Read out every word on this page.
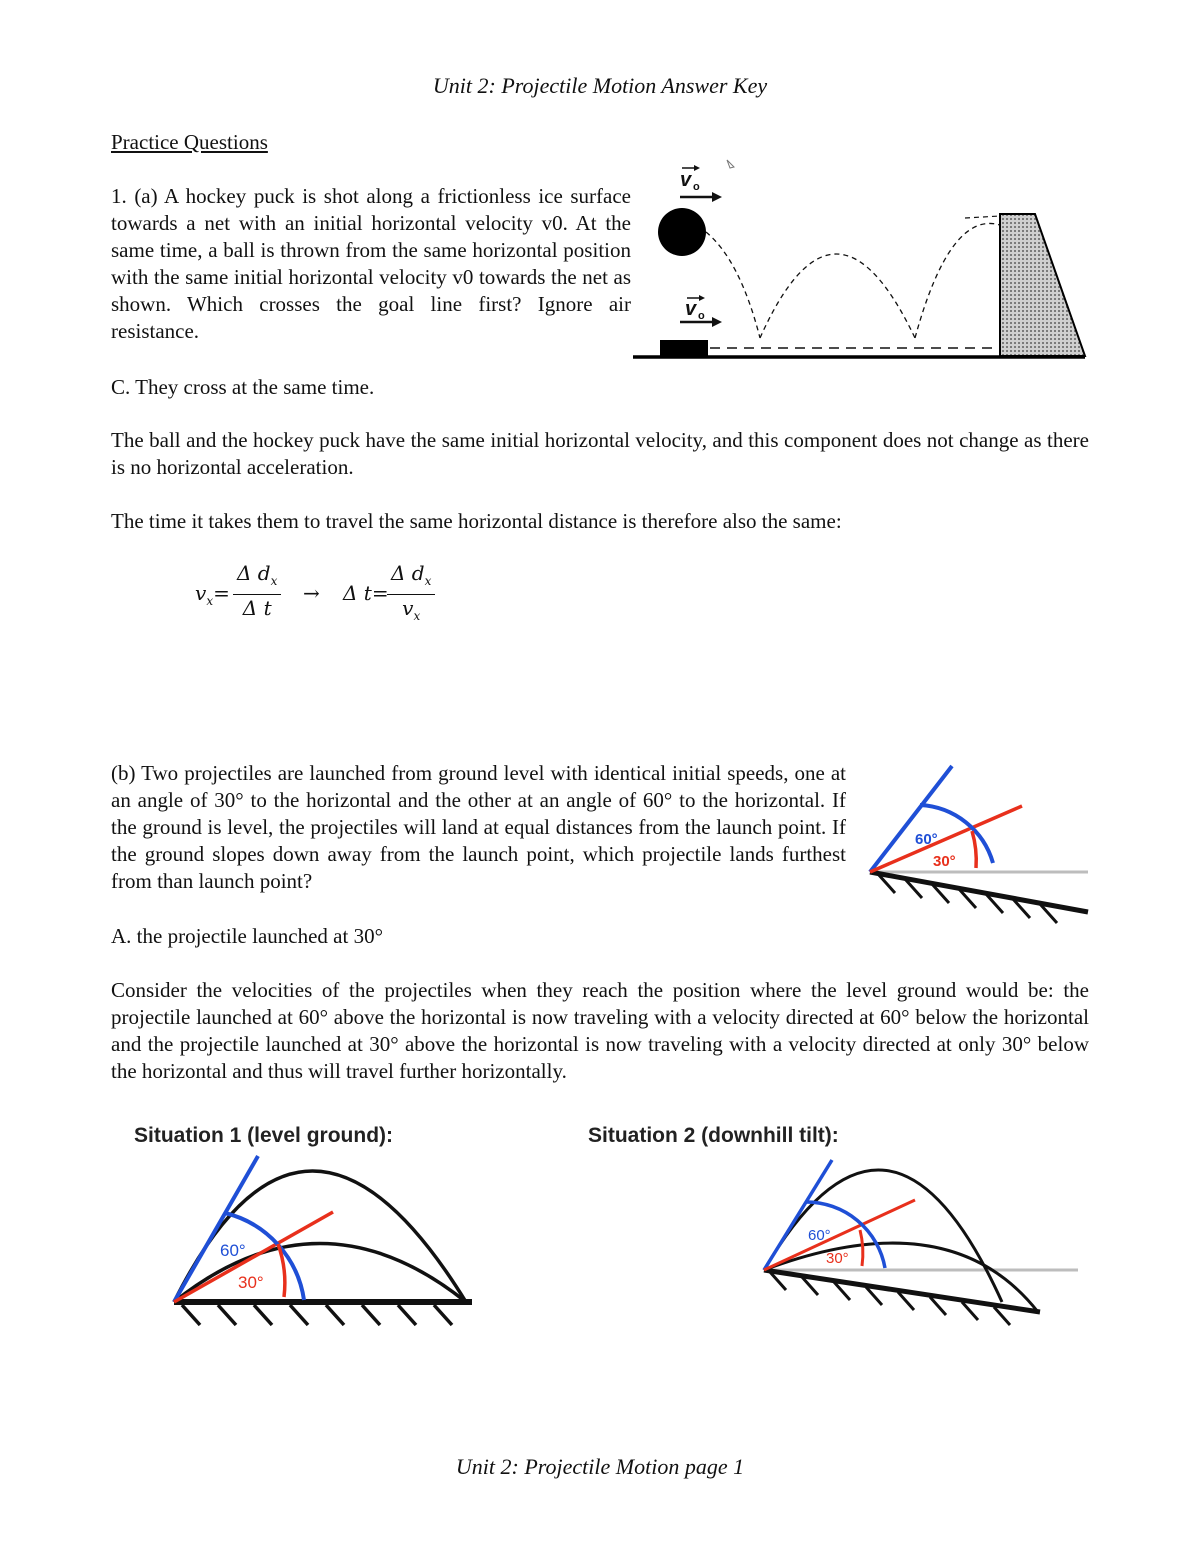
Unit 2: Projectile Motion Answer Key
Practice Questions

1. (a) A hockey puck is shot along a frictionless ice surface towards a net with an initial horizontal velocity v0. At the same time, a ball is thrown from the same horizontal position with the same initial horizontal velocity v0 towards the net as shown. Which crosses the goal line first? Ignore air resistance.

v o
v o
C. They cross at the same time.

The ball and the hockey puck have the same initial horizontal velocity, and this component does not change as there is no horizontal acceleration.

The time it takes them to travel the same horizontal distance is therefore also the same:

$v_x= \frac{\Delta d_x}{\text{Δ t}} \to \Delta$ t=
$\frac{\Delta d_x}{v_x}$

(b) Two projectiles are launched from ground level with identical initial speeds, one at an angle of 30° to the horizontal and the other at an angle of 60° to the horizontal. If the ground is level, the projectiles will land at equal distances from the launch point. If the ground slopes down away from the launch point, which projectile lands furthest from than launch point?

60°
30°
A. the projectile launched at 30°

Consider the velocities of the projectiles when they reach the position where the level ground would be: the projectile launched at 60° above the horizontal is now traveling with a velocity directed at 60° below the horizontal and the projectile launched at 30° above the horizontal is now traveling with a velocity directed at only 30° below the horizontal and thus will travel further horizontally.

Situation 1 (level ground):	Situation 2 (downhill tilt):
60°
30°
60°
30°
Unit 2: Projectile Motion page 1
